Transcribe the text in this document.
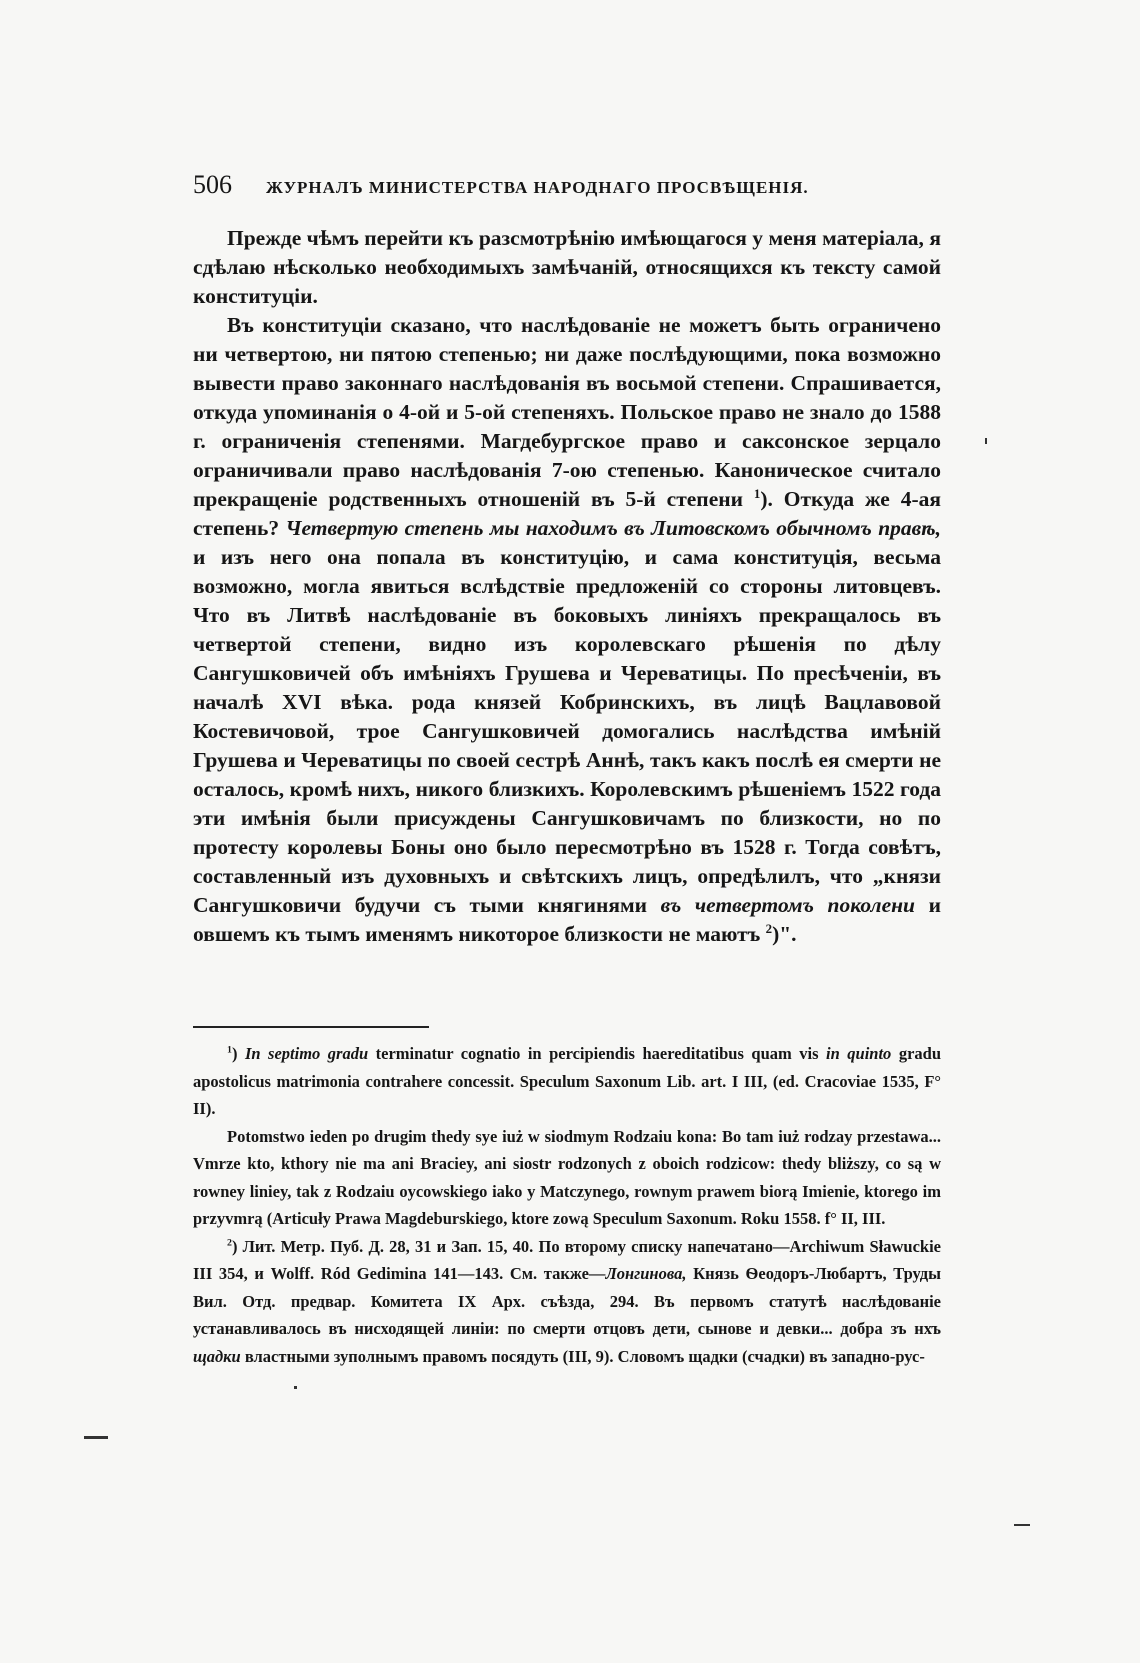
506 ЖУРНАЛЪ МИНИСТЕРСТВА НАРОДНАГО ПРОСВѢЩЕНІЯ.

Прежде чѣмъ перейти къ разсмотрѣнію имѣющагося у меня матеріала, я сдѣлаю нѣсколько необходимыхъ замѣчаній, относящихся къ тексту самой конституціи.

Въ конституціи сказано, что наслѣдованіе не можетъ быть ограничено ни четвертою, ни пятою степенью; ни даже послѣдующими, пока возможно вывести право законнаго наслѣдованія въ восьмой степени. Спрашивается, откуда упоминанія о 4-ой и 5-ой степеняхъ. Польское право не знало до 1588 г. ограниченія степенями. Магдебургское право и саксонское зерцало ограничивали право наслѣдованія 7-ою степенью. Каноническое считало прекращеніе родственныхъ отношеній въ 5-й степени $^1$). Откуда же 4-ая степень? Четвертую степень мы находимъ въ Литовскомъ обычномъ правѣ, и изъ него она попала въ конституцію, и сама конституція, весьма возможно, могла явиться вслѣдствіе предложеній со стороны литовцевъ. Что въ Литвѣ наслѣдованіе въ боковыхъ линіяхъ прекращалось въ четвертой степени, видно изъ королевскаго рѣшенія по дѣлу Сангушковичей объ имѣніяхъ Грушева и Череватицы. По пресѣченіи, въ началѣ XVI вѣка. рода князей Кобринскихъ, въ лицѣ Вацлавовой Костевичовой, трое Сангушковичей домогались наслѣдства имѣній Грушева и Череватицы по своей сестрѣ Аннѣ, такъ какъ послѣ ея смерти не осталось, кромѣ нихъ, никого близкихъ. Королевскимъ рѣшеніемъ 1522 года эти имѣнія были присуждены Сангушковичамъ по близкости, но по протесту королевы Боны оно было пересмотрѣно въ 1528 г. Тогда совѣтъ, составленный изъ духовныхъ и свѣтскихъ лицъ, опредѣлилъ, что „князи Сангушковичи будучи съ тыми княгинями въ четвертомъ поколени и овшемъ къ тымъ именямъ никоторое близкости не маютъ $^2$)".

$^1$) In septimo gradu terminatur cognatio in percipiendis haereditatibus quam vis in quinto gradu apostolicus matrimonia contrahere concessit. Speculum Saxonum Lib. art. I III, (ed. Cracoviae 1535, F° II).

Potomstwo ieden po drugim thedy sye iuż w siodmym Rodzaiu kona: Bo tam iuż rodzay przestawa... Vmrze kto, kthory nie ma ani Braciey, ani siostr rodzonych z oboich rodzicow: thedy bliższy, co są w rowney liniey, tak z Rodzaiu oycowskiego iako y Matczynego, rownym prawem biorą Imienie, ktorego im przyvmrą (Articuły Prawa Magdeburskiego, ktore zową Speculum Saxonum. Roku 1558. f° II, III.

$^2$) Лит. Метр. Пуб. Д. 28, 31 и Зап. 15, 40. По второму списку напечатано—Archiwum Sławuckie III 354, и Wolff. Ród Gedimina 141—143. См. также—Лонгинова, Князь Ѳеодоръ-Любартъ, Труды Вил. Отд. предвар. Комитета IX Арх. съѣзда, 294. Въ первомъ статутѣ наслѣдованіе устанавливалось въ нисходящей линіи: по смерти отцовъ дети, сынове и девки... добра зъ нхъ щадки властными зуполнымъ правомъ посядуть (III, 9). Словомъ щадки (счадки) въ западно-рус-
